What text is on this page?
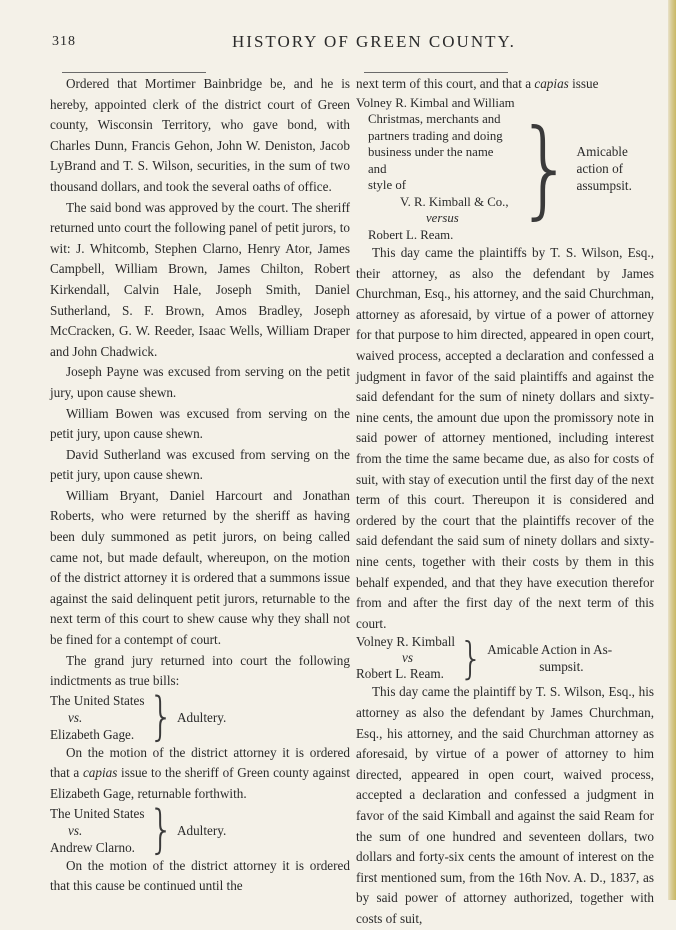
318	HISTORY OF GREEN COUNTY.

Ordered that Mortimer Bainbridge be, and he is hereby, appointed clerk of the district court of Green county, Wisconsin Territory, who gave bond, with Charles Dunn, Francis Gehon, John W. Deniston, Jacob LyBrand and T. S. Wilson, securities, in the sum of two thousand dollars, and took the several oaths of office.

The said bond was approved by the court. The sheriff returned unto court the following panel of petit jurors, to wit: J. Whitcomb, Stephen Clarno, Henry Ator, James Campbell, William Brown, James Chilton, Robert Kirkendall, Calvin Hale, Joseph Smith, Daniel Sutherland, S. F. Brown, Amos Bradley, Joseph McCracken, G. W. Reeder, Isaac Wells, William Draper and John Chadwick.

Joseph Payne was excused from serving on the petit jury, upon cause shewn.

William Bowen was excused from serving on the petit jury, upon cause shewn.

David Sutherland was excused from serving on the petit jury, upon cause shewn.

William Bryant, Daniel Harcourt and Jonathan Roberts, who were returned by the sheriff as having been duly summoned as petit jurors, on being called came not, but made default, whereupon, on the motion of the district attorney it is ordered that a summons issue against the said delinquent petit jurors, returnable to the next term of this court to shew cause why they shall not be fined for a contempt of court.

The grand jury returned into court the following indictments as true bills:

The United States
vs.
Elizabeth Gage. } Adultery.

On the motion of the district attorney it is ordered that a capias issue to the sheriff of Green county against Elizabeth Gage, returnable forthwith.

The United States
vs.
Andrew Clarno. } Adultery.

On the motion of the district attorney it is ordered that this cause be continued until the

next term of this court, and that a capias issue

Volney R. Kimbal and William
Christmas, merchants and
partners trading and doing
business under the name and
style of
V. R. Kimball & Co.,
versus
Robert L. Ream.
} Amicable
action of
assumpsit.

This day came the plaintiffs by T. S. Wilson, Esq., their attorney, as also the defendant by James Churchman, Esq., his attorney, and the said Churchman, attorney as aforesaid, by virtue of a power of attorney for that purpose to him directed, appeared in open court, waived process, accepted a declaration and confessed a judgment in favor of the said plaintiffs and against the said defendant for the sum of ninety dollars and sixty-nine cents, the amount due upon the promissory note in said power of attorney mentioned, including interest from the time the same became due, as also for costs of suit, with stay of execution until the first day of the next term of this court. Thereupon it is considered and ordered by the court that the plaintiffs recover of the said defendant the said sum of ninety dollars and sixty-nine cents, together with their costs by them in this behalf expended, and that they have execution therefor from and after the first day of the next term of this court.

Volney R. Kimball
vs
Robert L. Ream. } Amicable Action in As-
sumpsit.

This day came the plaintiff by T. S. Wilson, Esq., his attorney as also the defendant by James Churchman, Esq., his attorney, and the said Churchman attorney as aforesaid, by virtue of a power of attorney to him directed, appeared in open court, waived process, accepted a declaration and confessed a judgment in favor of the said Kimball and against the said Ream for the sum of one hundred and seventeen dollars, two dollars and forty-six cents the amount of interest on the first mentioned sum, from the 16th Nov. A. D., 1837, as by said power of attorney authorized, together with costs of suit,
